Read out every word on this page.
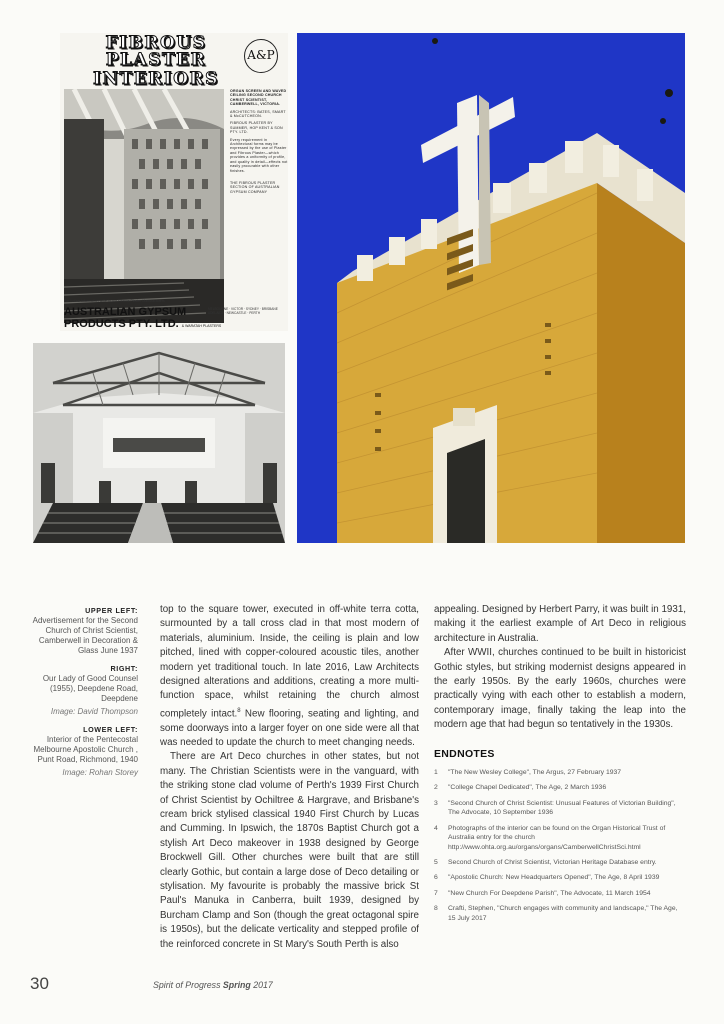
FIBROUS PLASTER
INTERIORS
A&P

ORGAN SCREEN AND WAVED CEILING SECOND CHURCH CHRIST SCIENTIST, CAMBERWELL, VICTORIA.

ARCHITECTS: BATES, SMART & McCUTCHEON.

FIBROUS PLASTER BY SUMMER, HOP KENT & SON PTY. LTD.

Every requirement in Architectural forms may be expressed by the use of Plaster and Fibrous Plaster—which provides a uniformity of profile, and quality in detail—effects not easily procurable with other finishes.

THE FIBROUS PLASTER SECTION OF AUSTRALIAN GYPSUM COMPANY

For further information write to our Fibrous Plaster Manufacturers
AUSTRALIAN GYPSUM
PRODUCTS PTY. LTD. & WARATAH PLASTERS
MELBOURNE · VICTOR · SYDNEY · BRISBANE
ADELAIDE · NEWCASTLE · PERTH
UPPER LEFT:
Advertisement for the Second Church of Christ Scientist, Camberwell in Decoration & Glass June 1937
RIGHT:
Our Lady of Good Counsel (1955), Deepdene Road, Deepdene
Image: David Thompson
LOWER LEFT:
Interior of the Pentecostal Melbourne Apostolic Church , Punt Road, Richmond, 1940
Image: Rohan Storey

top to the square tower, executed in off-white terra cotta, surmounted by a tall cross clad in that most modern of materials, aluminium. Inside, the ceiling is plain and low pitched, lined with copper-coloured acoustic tiles, another modern yet traditional touch. In late 2016, Law Architects designed alterations and additions, creating a more multi-function space, whilst retaining the church almost completely intact.$^8$ New flooring, seating and lighting, and some doorways into a larger foyer on one side were all that was needed to update the church to meet changing needs.

There are Art Deco churches in other states, but not many. The Christian Scientists were in the vanguard, with the striking stone clad volume of Perth's 1939 First Church of Christ Scientist by Ochiltree & Hargrave, and Brisbane's cream brick stylised classical 1940 First Church by Lucas and Cumming. In Ipswich, the 1870s Baptist Church got a stylish Art Deco makeover in 1938 designed by George Brockwell Gill. Other churches were built that are still clearly Gothic, but contain a large dose of Deco detailing or stylisation. My favourite is probably the massive brick St Paul's Manuka in Canberra, built 1939, designed by Burcham Clamp and Son (though the great octagonal spire is 1950s), but the delicate verticality and stepped profile of the reinforced concrete in St Mary's South Perth is also

appealing. Designed by Herbert Parry, it was built in 1931, making it the earliest example of Art Deco in religious architecture in Australia.

After WWII, churches continued to be built in historicist Gothic styles, but striking modernist designs appeared in the early 1950s. By the early 1960s, churches were practically vying with each other to establish a modern, contemporary image, finally taking the leap into the modern age that had begun so tentatively in the 1930s.

ENDNOTES
1	"The New Wesley College", The Argus, 27 February 1937
2	"College Chapel Dedicated", The Age, 2 March 1936
3	"Second Church of Christ Scientist: Unusual Features of Victorian Building", The Advocate, 10 September 1936
4	Photographs of the interior can be found on the Organ Historical Trust of Australia entry for the church http://www.ohta.org.au/organs/organs/CamberwellChristSci.html
5	Second Church of Christ Scientist, Victorian Heritage Database entry.
6	"Apostolic Church: New Headquarters Opened", The Age, 8 April 1939
7	"New Church For Deepdene Parish", The Advocate, 11 March 1954
8	Crafti, Stephen, "Church engages with community and landscape," The Age, 15 July 2017
30	Spirit of Progress Spring 2017
